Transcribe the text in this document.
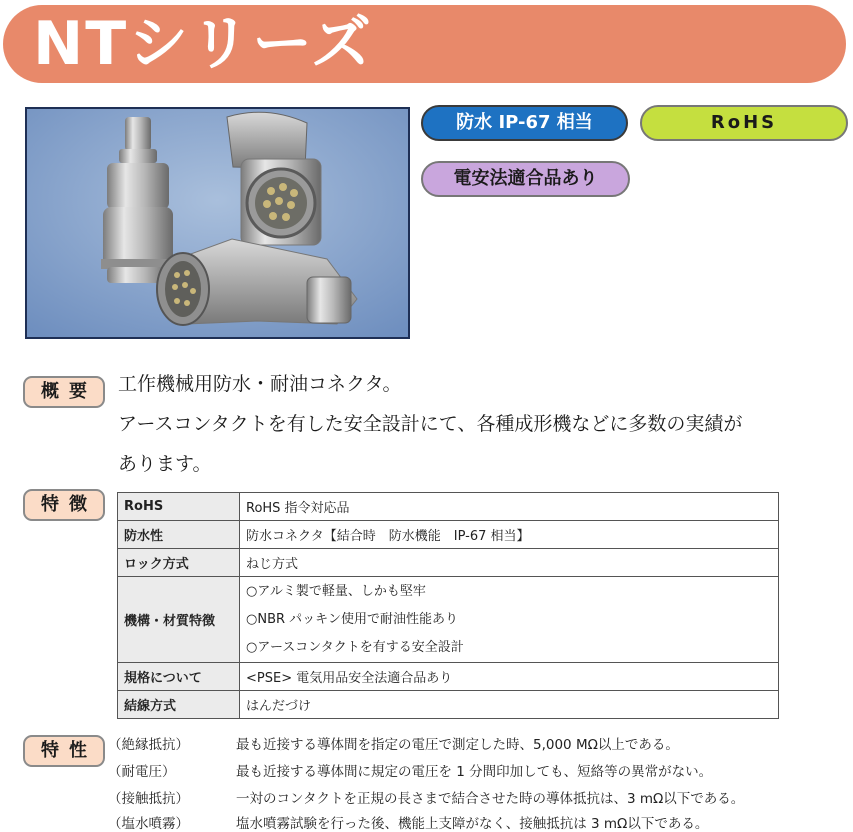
NTシリーズ
防水 IP-67 相当	RoHS
電安法適合品あり
概要	工作機械用防水・耐油コネクタ。
アースコンタクトを有した安全設計にて、各種成形機などに多数の実績が
あります。
特徴	RoHS	RoHS 指令対応品
防水性	防水コネクタ【結合時　防水機能　IP-67 相当】
ロック方式	ねじ方式
機構・材質特徴	○アルミ製で軽量、しかも堅牢
○NBR パッキン使用で耐油性能あり
○アースコンタクトを有する安全設計

規格について	<PSE> 電気用品安全法適合品あり
結線方式	はんだづけ
特性 （絶縁抵抗）	最も近接する導体間を指定の電圧で測定した時、5,000 MΩ以上である。
（耐電圧）	最も近接する導体間に規定の電圧を 1 分間印加しても、短絡等の異常がない。
（接触抵抗）	一対のコンタクトを正規の長さまで結合させた時の導体抵抗は、3 mΩ以下である。
（塩水噴霧）	塩水噴霧試験を行った後、機能上支障がなく、接触抵抗は 3 mΩ以下である。
